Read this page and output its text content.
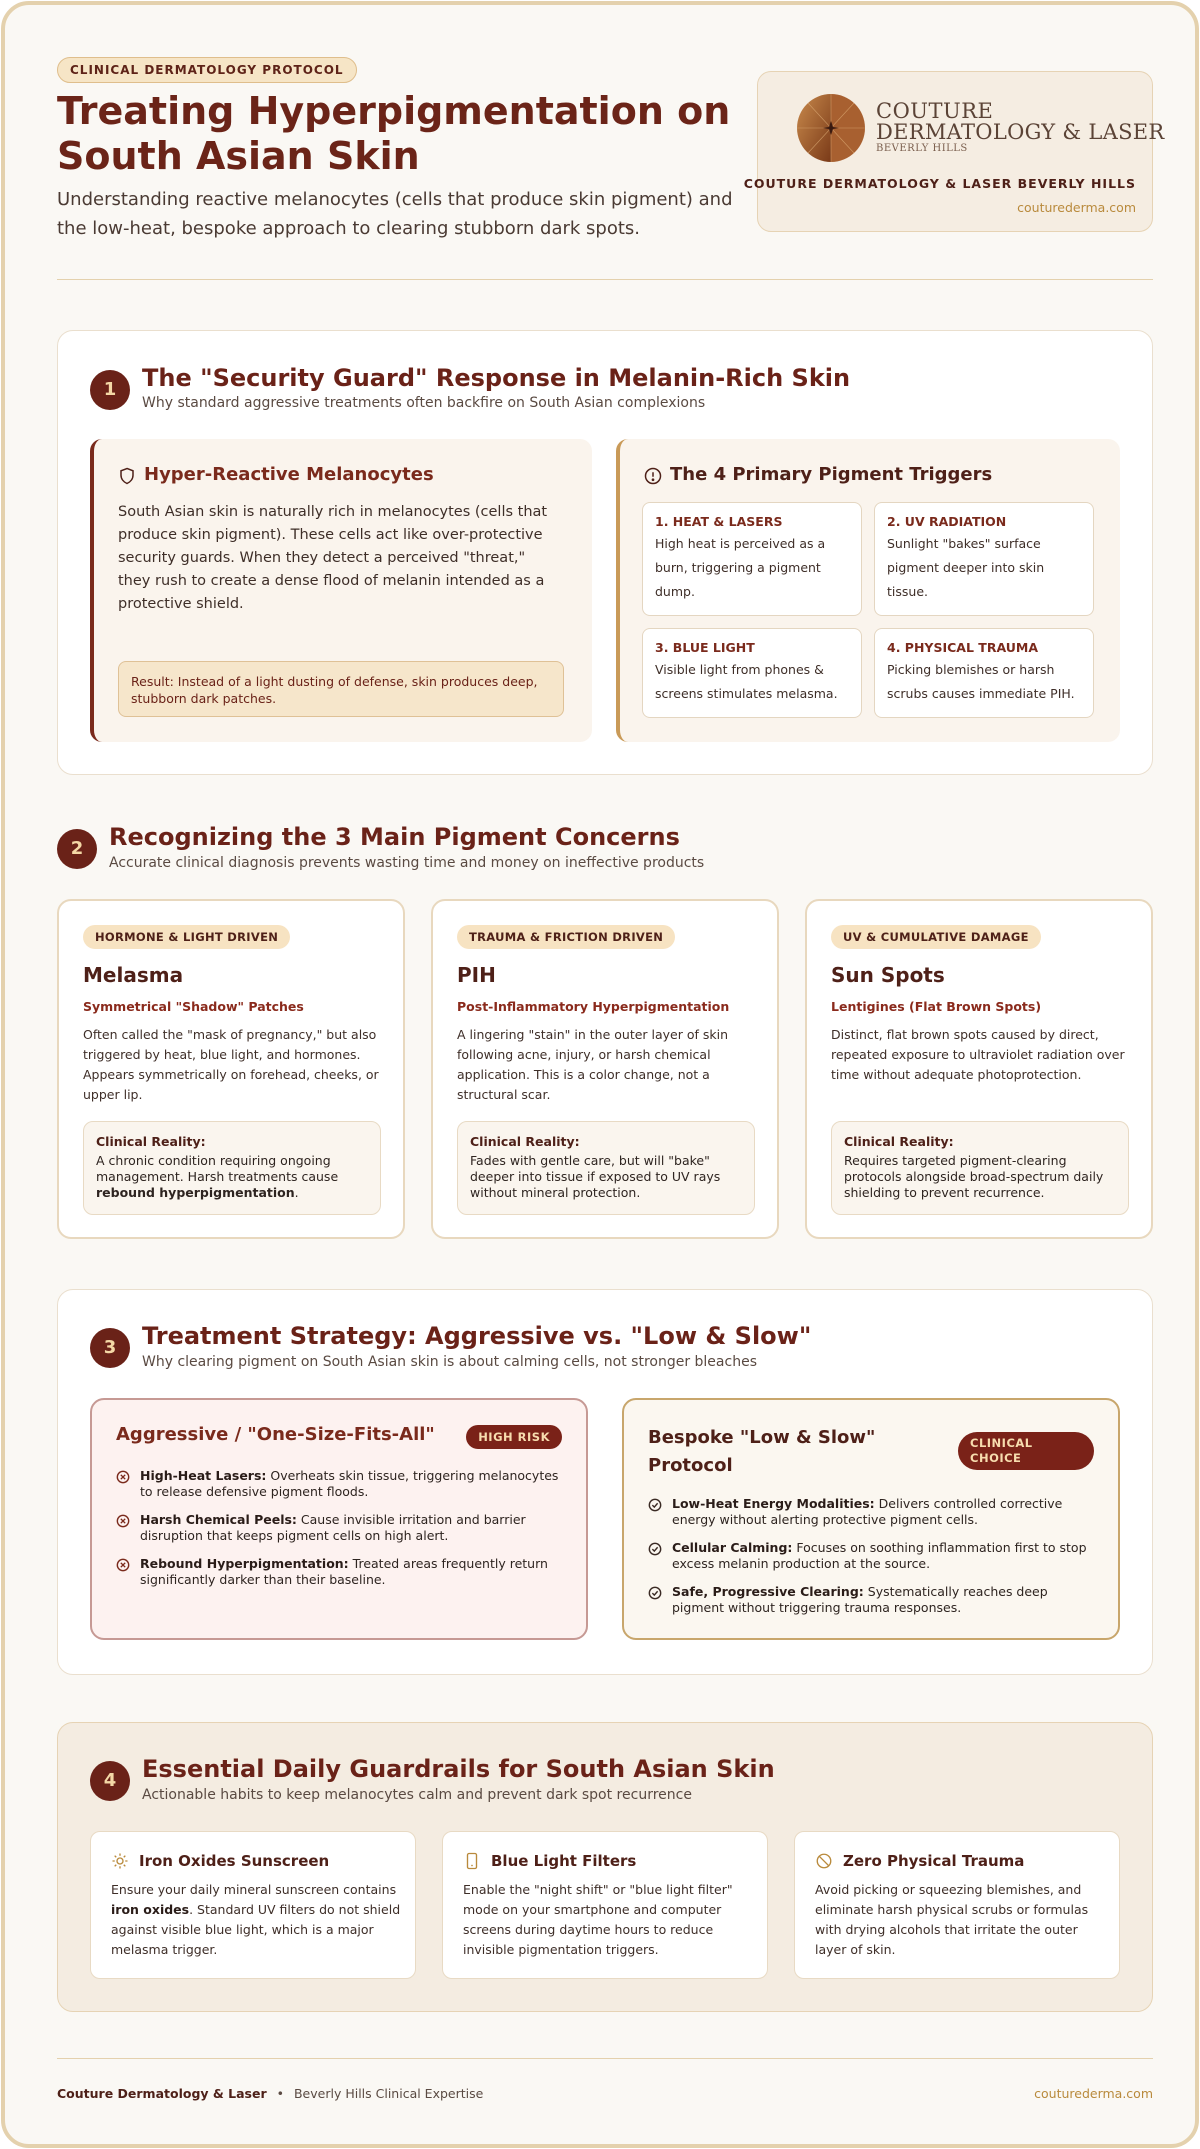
CLINICAL DERMATOLOGY PROTOCOL
Treating Hyperpigmentation on South Asian Skin

Understanding reactive melanocytes (cells that produce skin pigment) and the low-heat, bespoke approach to clearing stubborn dark spots.

COUTURE
DERMATOLOGY & LASER
BEVERLY HILLS
COUTURE DERMATOLOGY & LASER BEVERLY HILLS
couturederma.com
1	The "Security Guard" Response in Melanin-Rich Skin
Why standard aggressive treatments often backfire on South Asian complexions
Hyper-Reactive Melanocytes
South Asian skin is naturally rich in melanocytes (cells that produce skin pigment). These cells act like over-protective security guards. When they detect a perceived "threat," they rush to create a dense flood of melanin intended as a protective shield.
Result: Instead of a light dusting of defense, skin produces deep, stubborn dark patches.
The 4 Primary Pigment Triggers
1. HEAT & LASERS
High heat is perceived as a burn, triggering a pigment dump.
2. UV RADIATION
Sunlight "bakes" surface pigment deeper into skin tissue.
3. BLUE LIGHT
Visible light from phones & screens stimulates melasma.
4. PHYSICAL TRAUMA
Picking blemishes or harsh scrubs causes immediate PIH.
2	Recognizing the 3 Main Pigment Concerns
Accurate clinical diagnosis prevents wasting time and money on ineffective products
HORMONE & LIGHT DRIVEN
Melasma
Symmetrical "Shadow" Patches
Often called the "mask of pregnancy," but also triggered by heat, blue light, and hormones. Appears symmetrically on forehead, cheeks, or upper lip.
Clinical Reality:
A chronic condition requiring ongoing management. Harsh treatments cause rebound hyperpigmentation.
TRAUMA & FRICTION DRIVEN
PIH
Post-Inflammatory Hyperpigmentation
A lingering "stain" in the outer layer of skin following acne, injury, or harsh chemical application. This is a color change, not a structural scar.
Clinical Reality:
Fades with gentle care, but will "bake" deeper into tissue if exposed to UV rays without mineral protection.
UV & CUMULATIVE DAMAGE
Sun Spots
Lentigines (Flat Brown Spots)
Distinct, flat brown spots caused by direct, repeated exposure to ultraviolet radiation over time without adequate photoprotection.
Clinical Reality:
Requires targeted pigment-clearing protocols alongside broad-spectrum daily shielding to prevent recurrence.
3	Treatment Strategy: Aggressive vs. "Low & Slow"
Why clearing pigment on South Asian skin is about calming cells, not stronger bleaches
Aggressive / "One-Size-Fits-All"	HIGH RISK
High-Heat Lasers: Overheats skin tissue, triggering melanocytes to release defensive pigment floods.
Harsh Chemical Peels: Cause invisible irritation and barrier disruption that keeps pigment cells on high alert.
Rebound Hyperpigmentation: Treated areas frequently return significantly darker than their baseline.
Bespoke "Low & Slow" Protocol
CLINICAL CHOICE
Low-Heat Energy Modalities: Delivers controlled corrective energy without alerting protective pigment cells.
Cellular Calming: Focuses on soothing inflammation first to stop excess melanin production at the source.
Safe, Progressive Clearing: Systematically reaches deep pigment without triggering trauma responses.
4	Essential Daily Guardrails for South Asian Skin
Actionable habits to keep melanocytes calm and prevent dark spot recurrence
Iron Oxides Sunscreen
Ensure your daily mineral sunscreen contains iron oxides. Standard UV filters do not shield against visible blue light, which is a major melasma trigger.
Blue Light Filters
Enable the "night shift" or "blue light filter" mode on your smartphone and computer screens during daytime hours to reduce invisible pigmentation triggers.
Zero Physical Trauma
Avoid picking or squeezing blemishes, and eliminate harsh physical scrubs or formulas with drying alcohols that irritate the outer layer of skin.
Couture Dermatology & Laser • Beverly Hills Clinical Expertise	couturederma.com
